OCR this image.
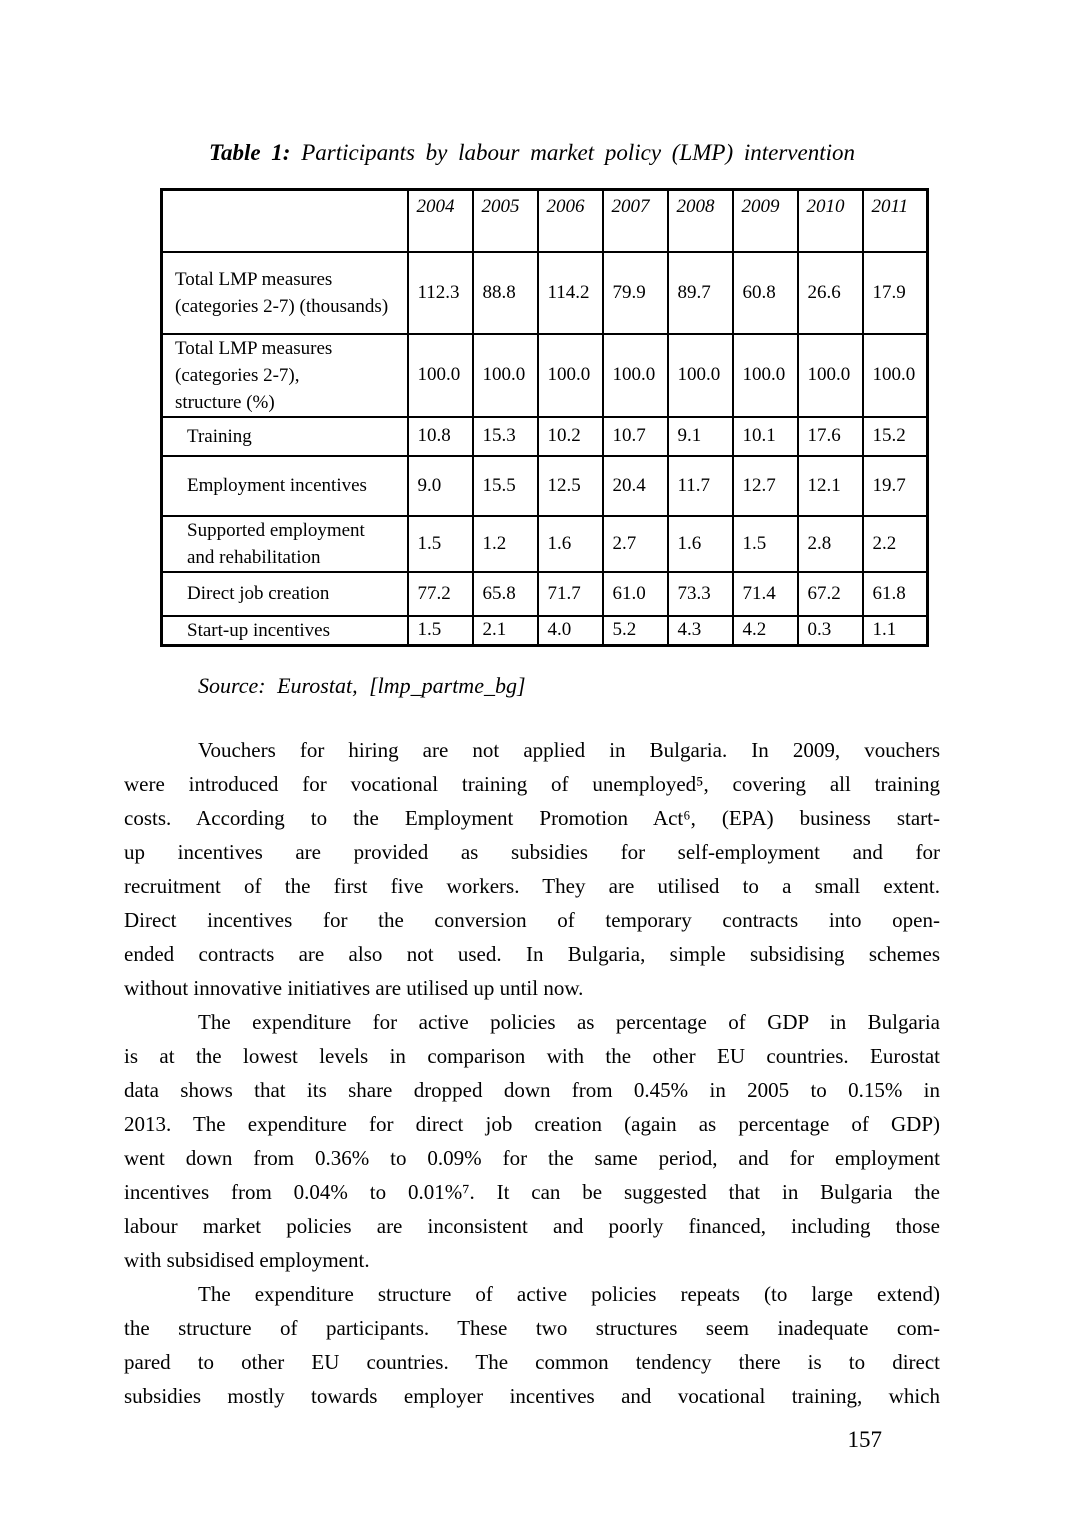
Table 1: Participants by labour market policy (LMP) intervention
	2004	2005	2006	2007	2008	2009	2010	2011

Total LMP measures
(categories 2-7) (thousands)	112.3	88.8	114.2	79.9	89.7	60.8	26.6	17.9

Total LMP measures
(categories 2-7),
structure (%)	100.0	100.0	100.0	100.0	100.0	100.0	100.0	100.0

Training	10.8	15.3	10.2	10.7	9.1	10.1	17.6	15.2

Employment incentives	9.0	15.5	12.5	20.4	11.7	12.7	12.1	19.7

Supported employment
and rehabilitation	1.5	1.2	1.6	2.7	1.6	1.5	2.8	2.2

Direct job creation	77.2	65.8	71.7	61.0	73.3	71.4	67.2	61.8

Start-up incentives	1.5	2.1	4.0	5.2	4.3	4.2	0.3	1.1
Source: Eurostat, [lmp_partme_bg]
Vouchers for hiring are not applied in Bulgaria. In 2009, vouchers
were introduced for vocational training of unemployed⁵, covering all training
costs. According to the Employment Promotion Act⁶, (EPA) business start-
up incentives are provided as subsidies for self-employment and for
recruitment of the first five workers. They are utilised to a small extent.
Direct incentives for the conversion of temporary contracts into open-
ended contracts are also not used. In Bulgaria, simple subsidising schemes
without innovative initiatives are utilised up until now.
The expenditure for active policies as percentage of GDP in Bulgaria
is at the lowest levels in comparison with the other EU countries. Eurostat
data shows that its share dropped down from 0.45% in 2005 to 0.15% in
2013. The expenditure for direct job creation (again as percentage of GDP)
went down from 0.36% to 0.09% for the same period, and for employment
incentives from 0.04% to 0.01%⁷. It can be suggested that in Bulgaria the
labour market policies are inconsistent and poorly financed, including those
with subsidised employment.
The expenditure structure of active policies repeats (to large extend)
the structure of participants. These two structures seem inadequate com-
pared to other EU countries. The common tendency there is to direct
subsidies mostly towards employer incentives and vocational training, which
157
